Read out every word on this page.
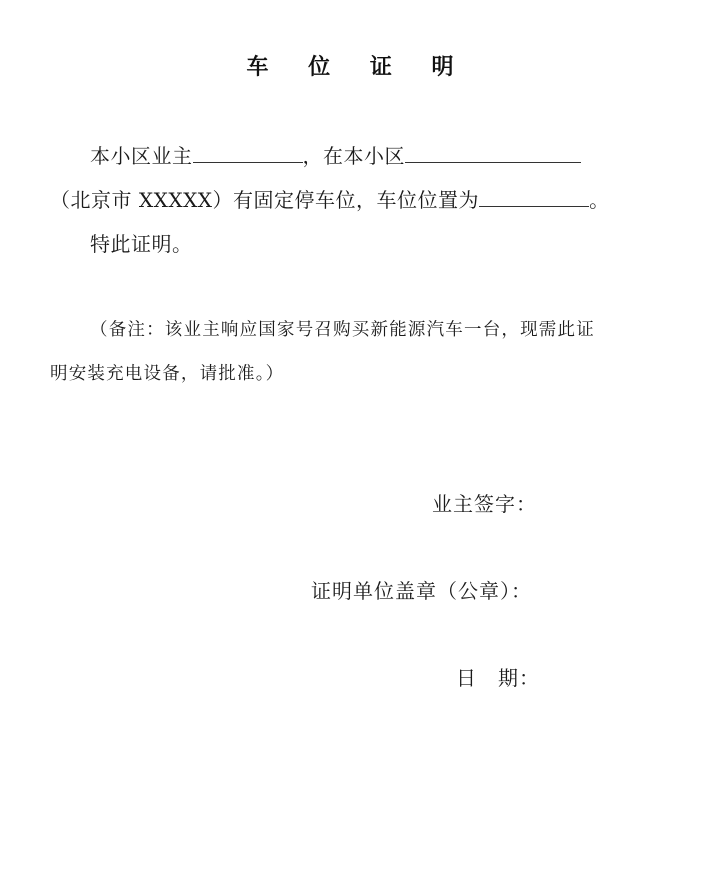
车 位 证 明
本小区业主	，在本小区
（北京市 XXXXX）有固定停车位，车位位置为	。
特此证明。
（备注：该业主响应国家号召购买新能源汽车一台，现需此证
明安装充电设备，请批准。）
业主签字：
证明单位盖章（公章）：
日　期：
